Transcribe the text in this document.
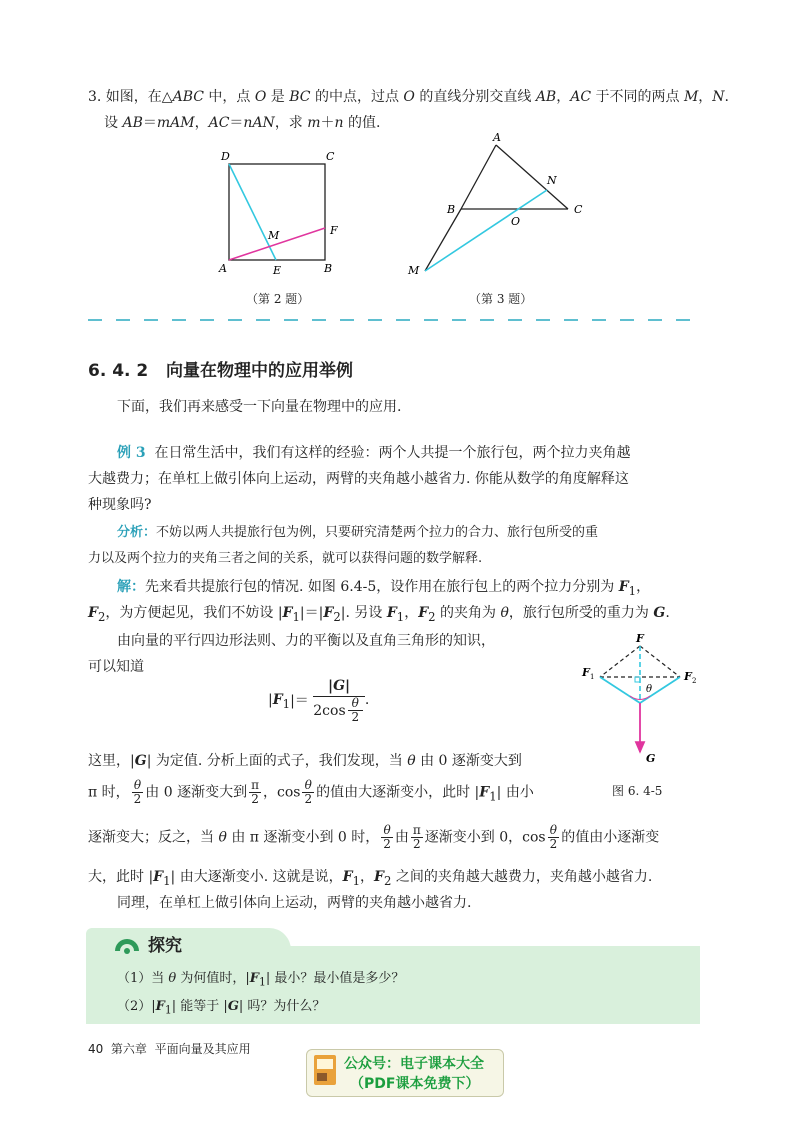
3. 如图，在△ABC 中，点 O 是 BC 的中点，过点 O 的直线分别交直线 AB，AC 于不同的两点 M，N.
设 AB＝mAM，AC＝nAN，求 m＋n 的值.
D	C
A	E	B
M	F
A
N
B	C
O
M
（第 2 题）	（第 3 题）
6. 4. 2 向量在物理中的应用举例
下面，我们再来感受一下向量在物理中的应用.
例 3 在日常生活中，我们有这样的经验：两个人共提一个旅行包，两个拉力夹角越
大越费力；在单杠上做引体向上运动，两臂的夹角越小越省力. 你能从数学的角度解释这
种现象吗?
分析：不妨以两人共提旅行包为例，只要研究清楚两个拉力的合力、旅行包所受的重
力以及两个拉力的夹角三者之间的关系，就可以获得问题的数学解释.
解：先来看共提旅行包的情况. 如图 6.4-5，设作用在旅行包上的两个拉力分别为 $F_1$，
$F_2$，为方便起见，我们不妨设 $|F_1|=|F_2|$. 另设 $F_1$，$F_2$ 的夹角为 θ，旅行包所受的重力为 G.
由向量的平行四边形法则、力的平衡以及直角三角形的知识，
可以知道
$|F_1|= \frac{|G|}{2\cos \frac{\theta}{2}}$ .
这里，|G| 为定值. 分析上面的式子，我们发现，当 θ 由 0 逐渐变大到
π 时， $\frac{\theta}{2}$ 由 0 逐渐变大到 $\frac{\pi}{2}$ ，$\cos \frac{\theta}{2}$ 的值由大逐渐变小，此时 $|F_1|$ 由小
逐渐变大；反之，当 θ 由 π 逐渐变小到 0 时， $\frac{\theta}{2}$ 由 $\frac{\pi}{2}$ 逐渐变小到 0，$\cos \frac{\theta}{2}$ 的值由小逐渐变
大，此时 $|F_1|$ 由大逐渐变小. 这就是说，$F_1$，$F_2$ 之间的夹角越大越费力，夹角越小越省力.
同理，在单杠上做引体向上运动，两臂的夹角越小越省力.
F
F 1	F 2
θ
G
图 6. 4-5
探究
（1）当 θ 为何值时，$|F_1|$ 最小？最小值是多少？
$(2)|F_1|$ 能等于 |G| 吗？为什么？
40 第六章 平面向量及其应用
公众号：电子课本大全
（PDF课本免费下）
